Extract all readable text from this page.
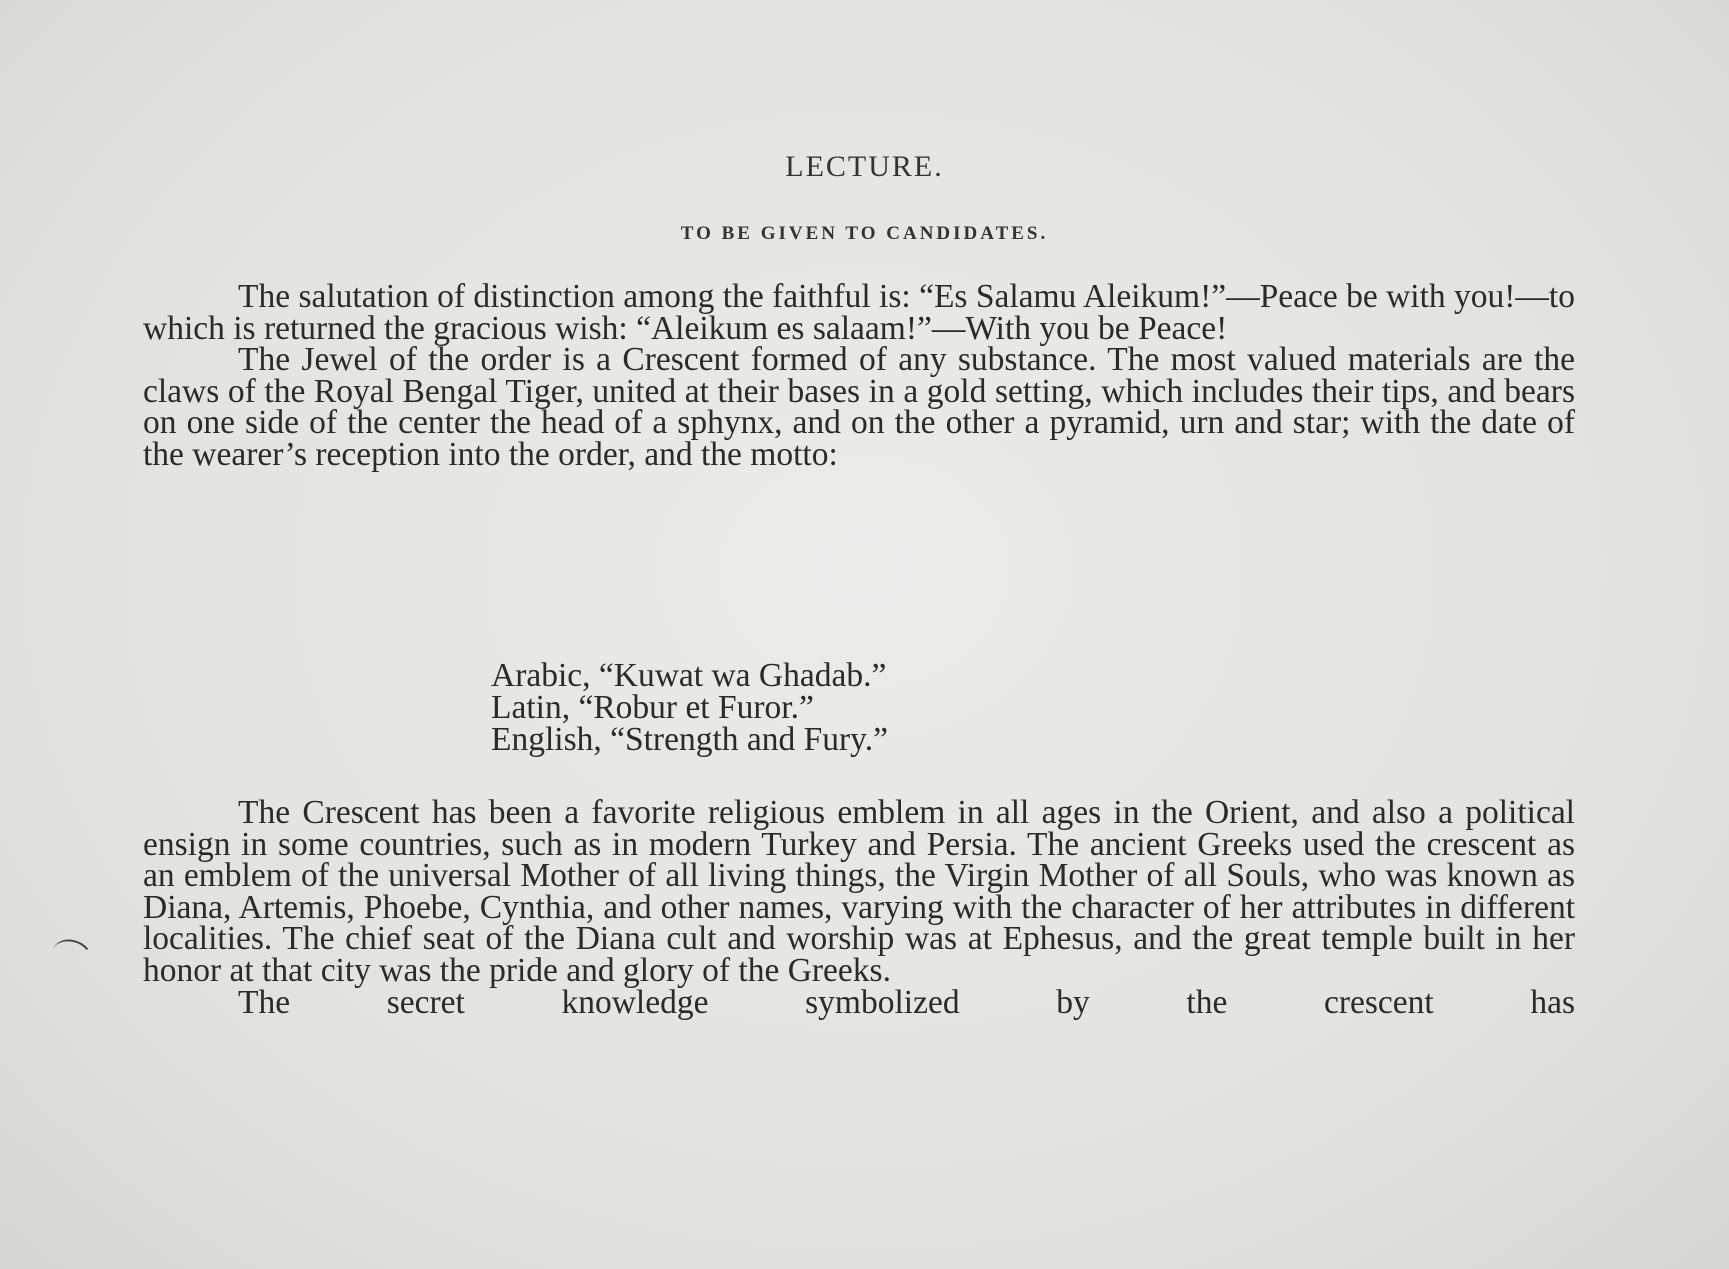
LECTURE.
TO BE GIVEN TO CANDIDATES.

The salutation of distinction among the faithful is: “Es Salamu Aleikum!”—Peace be with you!—to which is returned the gracious wish: “Aleikum es salaam!”—With you be Peace!

The Jewel of the order is a Crescent formed of any substance. The most valued materials are the claws of the Royal Bengal Tiger, united at their bases in a gold setting, which includes their tips, and bears on one side of the center the head of a sphynx, and on the other a pyramid, urn and star; with the date of the wearer’s reception into the order, and the motto:

Arabic, “Kuwat wa Ghadab.”
Latin, “Robur et Furor.”
English, “Strength and Fury.”

The Crescent has been a favorite religious emblem in all ages in the Orient, and also a political ensign in some countries, such as in modern Turkey and Persia. The ancient Greeks used the crescent as an emblem of the universal Mother of all living things, the Virgin Mother of all Souls, who was known as Diana, Artemis, Phoebe, Cynthia, and other names, varying with the character of her attributes in different localities. The chief seat of the Diana cult and worship was at Ephesus, and the great temple built in her honor at that city was the pride and glory of the Greeks.

The secret knowledge symbolized by the crescent has
